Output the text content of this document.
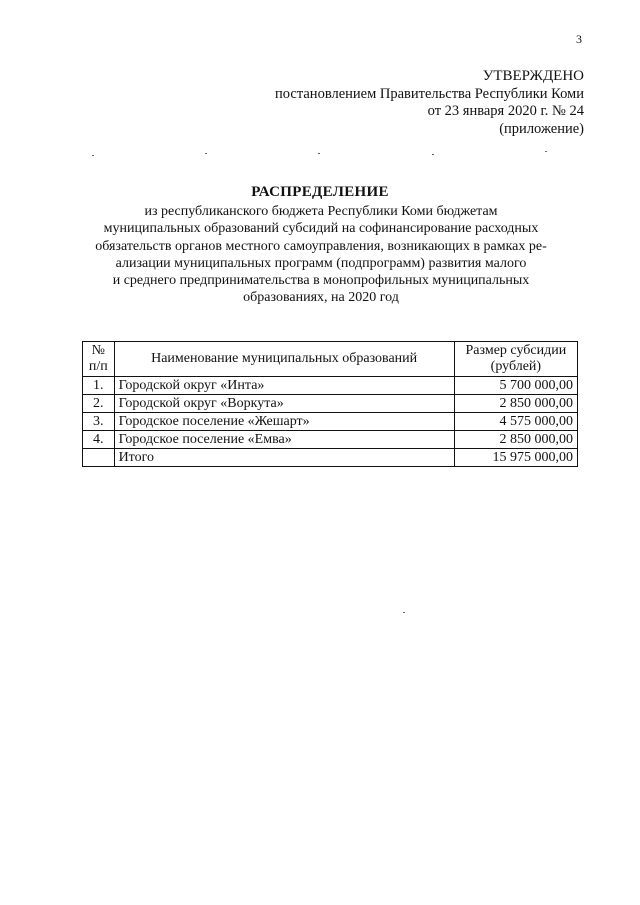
3
УТВЕРЖДЕНО
постановлением Правительства Республики Коми
от 23 января 2020 г. № 24
(приложение)
РАСПРЕДЕЛЕНИЕ
из республиканского бюджета Республики Коми бюджетам
муниципальных образований субсидий на софинансирование расходных
обязательств органов местного самоуправления, возникающих в рамках ре-
ализации муниципальных программ (подпрограмм) развития малого
и среднего предпринимательства в монопрофильных муниципальных
образованиях, на 2020 год
№ п/п	Наименование муниципальных образований	Размер субсидии (рублей)
1.	Городской округ «Инта»	5 700 000,00
2.	Городской округ «Воркута»	2 850 000,00
3.	Городское поселение «Жешарт»	4 575 000,00
4.	Городское поселение «Емва»	2 850 000,00
	Итого	15 975 000,00
